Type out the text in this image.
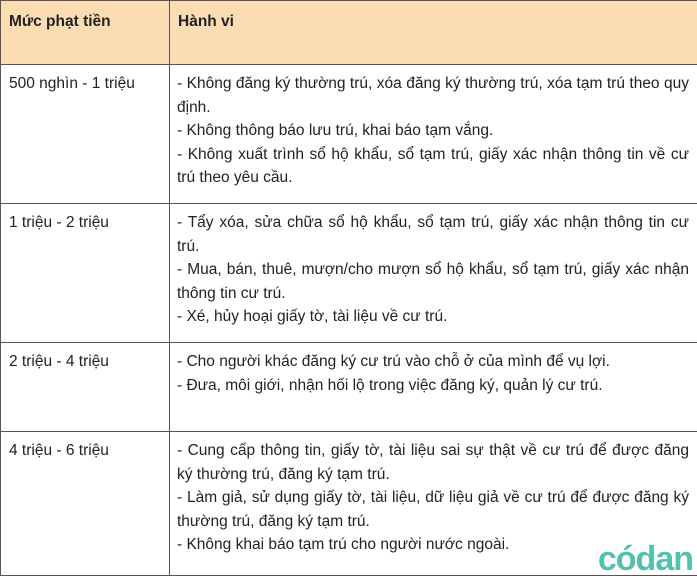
Mức phạt tiền	Hành vi

500 nghìn - 1 triệu	- Không đăng ký thường trú, xóa đăng ký thường trú, xóa tạm trú theo quy định.

- Không thông báo lưu trú, khai báo tạm vắng.

- Không xuất trình sổ hộ khẩu, sổ tạm trú, giấy xác nhận thông tin về cư trú theo yêu cầu.

1 triệu - 2 triệu	- Tẩy xóa, sửa chữa sổ hộ khẩu, sổ tạm trú, giấy xác nhận thông tin cư trú.

- Mua, bán, thuê, mượn/cho mượn sổ hộ khẩu, sổ tạm trú, giấy xác nhận thông tin cư trú.

- Xé, hủy hoại giấy tờ, tài liệu về cư trú.

2 triệu - 4 triệu	- Cho người khác đăng ký cư trú vào chỗ ở của mình để vụ lợi.

- Đưa, môi giới, nhận hối lộ trong việc đăng ký, quản lý cư trú.

4 triệu - 6 triệu	- Cung cấp thông tin, giấy tờ, tài liệu sai sự thật về cư trú để được đăng ký thường trú, đăng ký tạm trú.

- Làm giả, sử dụng giấy tờ, tài liệu, dữ liệu giả về cư trú để được đăng ký thường trú, đăng ký tạm trú.

- Không khai báo tạm trú cho người nước ngoài.	códan
